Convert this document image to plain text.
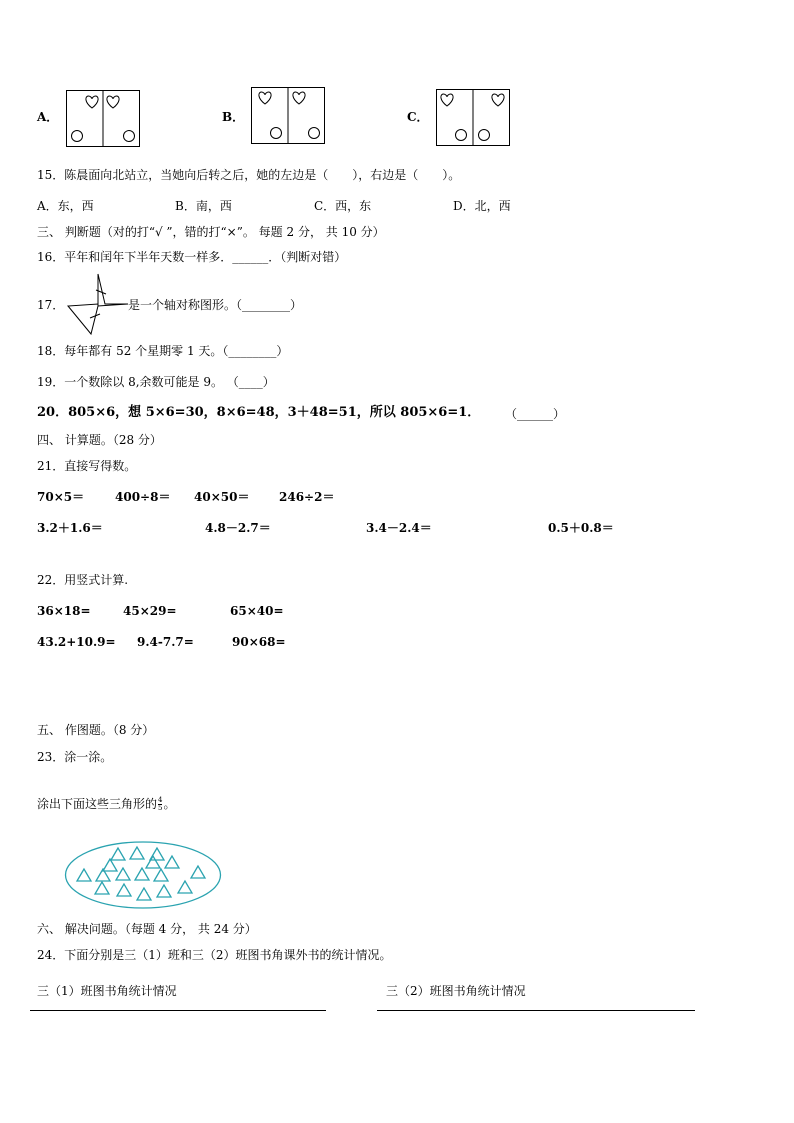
A．	B．	C．
15．陈晨面向北站立，当她向后转之后，她的左边是（　　），右边是（　　）。
A．东，西	B．南，西	C．西，东	D．北，西
三、 判断题（对的打“√ ”，错的打“×”。 每题 2 分， 共 10 分）
16．平年和闰年下半年天数一样多．______．（判断对错）
17．	是一个轴对称图形。（________）
18．每年都有 52 个星期零 1 天。（________）
19．一个数除以 8,余数可能是 9。 （____）
20．805×6，想 5×6=30，8×6=48，3＋48=51，所以 805×6=1． （______）
四、 计算题。（28 分）
21．直接写得数。
70×5＝	400÷8＝ 40×50＝ 246÷2＝
3.2＋1.6＝	4.8－2.7＝	3.4－2.4＝	0.5＋0.8＝
22．用竖式计算.
36×18=	45×29=	65×40=
43.2+10.9= 9.4-7.7=	90×68=
五、 作图题。（8 分）
23．涂一涂。
涂出下面这些三角形的 $\frac{4}{5}$ 。
六、 解决问题。（每题 4 分， 共 24 分）
24．下面分别是三（1）班和三（2）班图书角课外书的统计情况。
三（1）班图书角统计情况	三（2）班图书角统计情况
